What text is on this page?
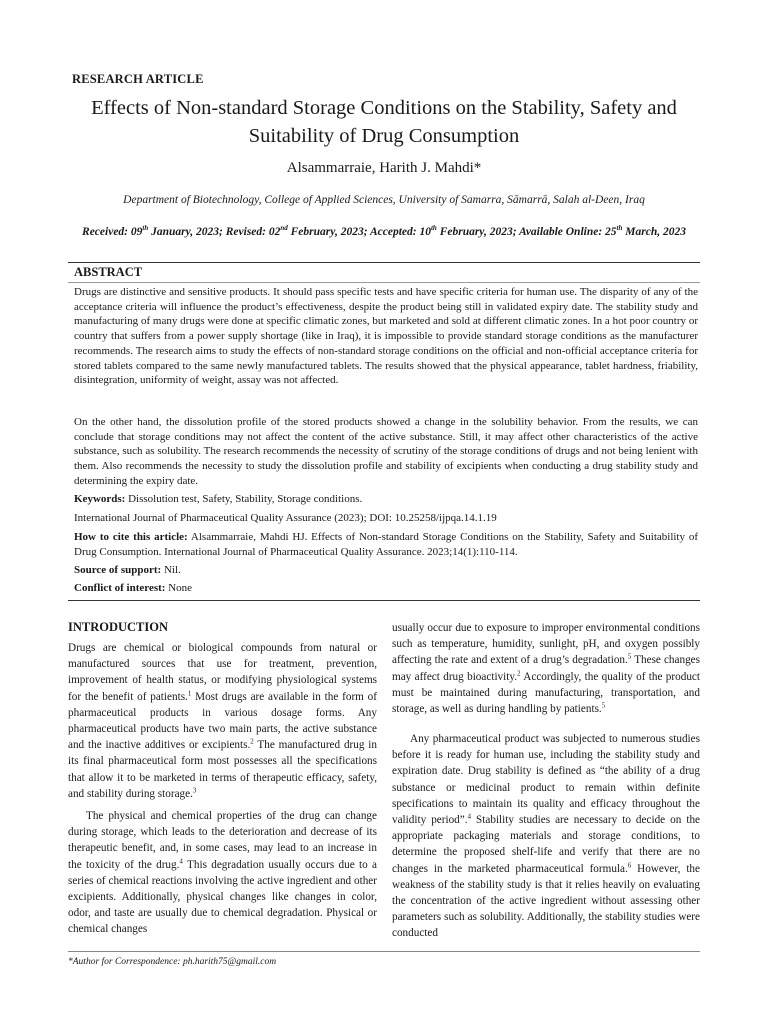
RESEARCH ARTICLE
Effects of Non-standard Storage Conditions on the Stability, Safety and Suitability of Drug Consumption
Alsammarraie, Harith J. Mahdi*
Department of Biotechnology, College of Applied Sciences, University of Samarra, Sāmarrā, Salah al-Deen, Iraq
Received: 09th January, 2023; Revised: 02nd February, 2023; Accepted: 10th February, 2023; Available Online: 25th March, 2023
ABSTRACT

Drugs are distinctive and sensitive products. It should pass specific tests and have specific criteria for human use. The disparity of any of the acceptance criteria will influence the product’s effectiveness, despite the product being still in validated expiry date. The stability study and manufacturing of many drugs were done at specific climatic zones, but marketed and sold at different climatic zones. In a hot poor country or country that suffers from a power supply shortage (like in Iraq), it is impossible to provide standard storage conditions as the manufacturer recommends. The research aims to study the effects of non-standard storage conditions on the official and non-official acceptance criteria for stored tablets compared to the same newly manufactured tablets. The results showed that the physical appearance, tablet hardness, friability, disintegration, uniformity of weight, assay was not affected.

On the other hand, the dissolution profile of the stored products showed a change in the solubility behavior. From the results, we can conclude that storage conditions may not affect the content of the active substance. Still, it may affect other characteristics of the active substance, such as solubility. The research recommends the necessity of scrutiny of the storage conditions of drugs and not being lenient with them. Also recommends the necessity to study the dissolution profile and stability of excipients when conducting a drug stability study and determining the expiry date.

Keywords: Dissolution test, Safety, Stability, Storage conditions.

International Journal of Pharmaceutical Quality Assurance (2023); DOI: 10.25258/ijpqa.14.1.19

How to cite this article: Alsammarraie, Mahdi HJ. Effects of Non-standard Storage Conditions on the Stability, Safety and Suitability of Drug Consumption. International Journal of Pharmaceutical Quality Assurance. 2023;14(1):110-114.

Source of support: Nil.

Conflict of interest: None

INTRODUCTION

Drugs are chemical or biological compounds from natural or manufactured sources that use for treatment, prevention, improvement of health status, or modifying physiological systems for the benefit of patients.$^1$ Most drugs are available in the form of pharmaceutical products in various dosage forms. Any pharmaceutical products have two main parts, the active substance and the inactive additives or excipients.$^2$ The manufactured drug in its final pharmaceutical form most possesses all the specifications that allow it to be marketed in terms of therapeutic efficacy, safety, and stability during storage.$^3$

The physical and chemical properties of the drug can change during storage, which leads to the deterioration and decrease of its therapeutic benefit, and, in some cases, may lead to an increase in the toxicity of the drug.$^4$ This degradation usually occurs due to a series of chemical reactions involving the active ingredient and other excipients. Additionally, physical changes like changes in color, odor, and taste are usually due to chemical degradation. Physical or chemical changes

usually occur due to exposure to improper environmental conditions such as temperature, humidity, sunlight, pH, and oxygen possibly affecting the rate and extent of a drug’s degradation.$^5$ These changes may affect drug bioactivity.$^2$ Accordingly, the quality of the product must be maintained during manufacturing, transportation, and storage, as well as during handling by patients.$^5$

Any pharmaceutical product was subjected to numerous studies before it is ready for human use, including the stability study and expiration date. Drug stability is defined as “the ability of a drug substance or medicinal product to remain within definite specifications to maintain its quality and efficacy throughout the validity period”.$^4$ Stability studies are necessary to decide on the appropriate packaging materials and storage conditions, to determine the proposed shelf-life and verify that there are no changes in the marketed pharmaceutical formula.$^6$ However, the weakness of the stability study is that it relies heavily on evaluating the concentration of the active ingredient without assessing other parameters such as solubility. Additionally, the stability studies were conducted

*Author for Correspondence: ph.harith75@gmail.com
